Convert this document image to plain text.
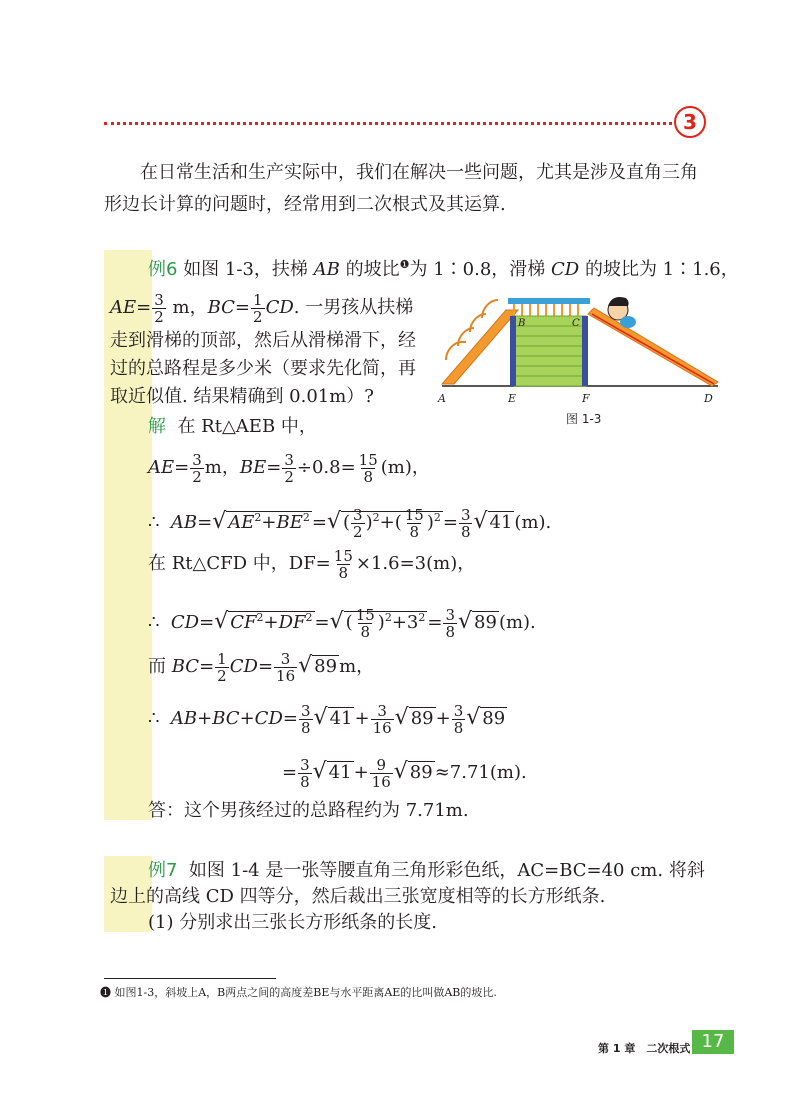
3
在日常生活和生产实际中，我们在解决一些问题，尤其是涉及直角三角
形边长计算的问题时，经常用到二次根式及其运算.
例6 如图 1-3，扶梯 AB 的坡比$^❶$为 1∶0.8，滑梯 CD 的坡比为 1∶1.6，
$AE= \frac{3}{2}$ m，$BC= \frac{1}{2}$ CD. 一男孩从扶梯
走到滑梯的顶部，然后从滑梯滑下，经
过的总路程是多少米（要求先化简，再
取近似值. 结果精确到 0.01m）?	A	E	F	D
B	C
图 1-3
解 在 Rt△AEB 中，
$AE= \frac{3}{2}$ m，$BE= \frac{3}{2} \div 0.8= \frac{15}{8} (m)$，
∴  AB=√ $AE^2+BE^2$ =√ ( $\frac{3}{2} )^2+( \frac{15}{8} )^2 = \frac{3}{8}$ √ 41 (m).
在 Rt△CFD 中，$DF= \frac{15}{8} \times 1.6=3(m)$，
∴  CD=√ $CF^2+DF^2$ =√ ( $\frac{15}{8} )^2+3^2 = \frac{3}{8}$ √ 89 (m).
而 $BC= \frac{1}{2} CD= \frac{3}{16}$ √ 89 m，
∴  $AB+BC+CD= \frac{3}{8}$ √ $41 + \frac{3}{16}$ √ $89 + \frac{3}{8}$ √ 89
= $\frac{3}{8}$ √ $41 + \frac{9}{16}$ √ 89 ≈7.71(m).
答：这个男孩经过的总路程约为 7.71m.
例7 如图 1-4 是一张等腰直角三角形彩色纸，AC=BC=40 cm. 将斜
边上的高线 CD 四等分，然后裁出三张宽度相等的长方形纸条.
(1) 分别求出三张长方形纸条的长度.
❶ 如图1-3，斜坡上A，B两点之间的高度差BE与水平距离AE的比叫做AB的坡比.
第 1 章　二次根式 17
